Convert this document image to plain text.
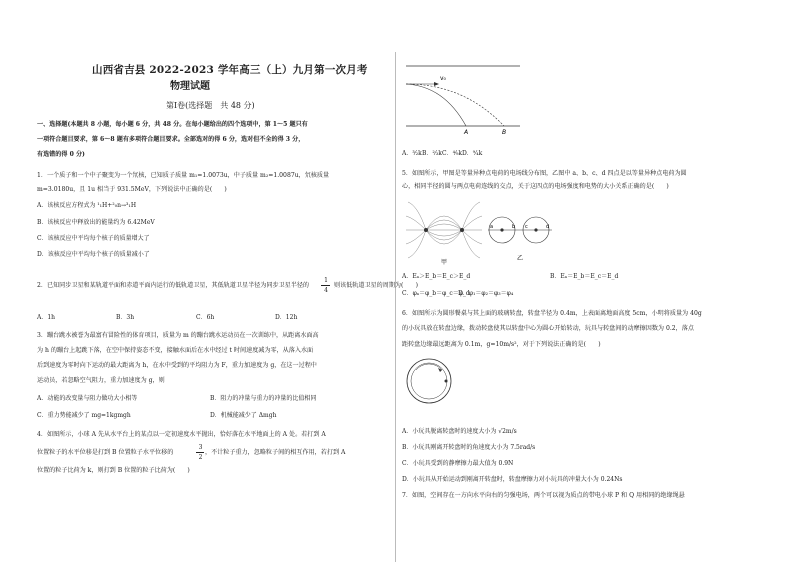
山西省吉县 2022-2023 学年高三（上）九月第一次月考
物理试题
第Ⅰ卷(选择题　共 48 分)
一、选择题(本题共 8 小题，每小题 6 分，共 48 分。在每小题给出的四个选项中，第 1～5 题只有
一项符合题目要求，第 6～8 题有多项符合题目要求。全部选对的得 6 分，选对但不全的得 3 分，
有选错的得 0 分)
1．一个质子和一个中子聚变为一个氘核，已知质子质量 m₁=1.0073u，中子质量 m₂=1.0087u，氘核质量
m=3.0180u，且 1u 相当于 931.5MeV，下列说法中正确的是(　　)
A．该核反应方程式为 ¹₁H+²₀n→³₁H
B．该核反应中释放出的能量约为 6.42MeV
C．该核反应中平均每个核子的质量增大了
D．该核反应中平均每个核子的质量减小了
2．已知同步卫星和某轨道平面和赤道平面内运行的低轨道卫星，其低轨道卫星半径为同步卫星半径的
1
4
则该低轨道卫星的周期为(　　)
A．1h	B．3h	C．6h	D．12h
3．蹦台跳水被誉为最富有冒险性的体育项目，质量为 m 的蹦台跳水运动员在一次训练中，从距离水面高
为 h 的蹦台上起跳下落，在空中保持姿态不变，接触水面后在水中经过 t 时间速度减为零，从落入水面
后到速度为零时向下运动的最大距离为 h，在水中受到的平均阻力为 F，重力加速度为 g，在这一过程中
运动员，若忽略空气阻力，重力加速度为 g，则
A．动能的改变量与阻力做功大小相等	B．阻力的冲量与重力的冲量的比值相同
C．重力势能减少了 mg=1kgmgh	D．机械能减少了 Δmgh
4．如图所示，小球 A 先从水平台上的某点以一定初速度水平抛出，恰好落在水平地面上的 A 处。若打到 A
位置粒子的水平位移是打到 B 位置粒子水平位移的
3
2
，不计粒子重力，忽略粒子间的相互作用，若打到 A
位置的粒子比荷为 k，则打到 B 位置的粒子比荷为(　　)
v₀
A	B
A．³⁄₂k B．²⁄₃k C．⁴⁄₉k D．⁹⁄₄k
5．如图所示，甲图是等量异种点电荷的电场线分布图，乙图中 a、b、c、d 四点是以等量异种点电荷为圆
心，相同半径的圆与两点电荷连线的交点，关于这四点的电场强度和电势的大小关系正确的是(　　)
甲
a	b c	d
乙
A．Eₐ＞E_b＝E_c＞E_d	B．Eₐ＝E_b＝E_c＝E_d
C．φₐ＝φ_b＝φ_c＝φ_d
D．φ₁＝φ₂＝φ₃＝φ₄
6．如图所示为圆形餐桌与其上面的玻璃转盘，转盘半径为 0.4m，上表面离地面高度 5cm，小明将质量为 40g
的小玩具放在转盘边缘，拨动转盘使其以转盘中心为圆心开始转动，玩具与转盘间的动摩擦因数为 0.2，落点
距转盘边缘最远距离为 0.1m，g=10m/s²，对于下列说法正确的是(　　)
A．小玩具脱离转盘时的速度大小为 √2m/s
B．小玩具刚离开转盘时的角速度大小为 7.5rad/s
C．小玩具受到的静摩擦力最大值为 0.9N
D．小玩具从开始运动到刚离开转盘时，转盘摩擦力对小玩具的冲量大小为 0.24Ns
7．如图，空间存在一方向水平向右的匀强电场，两个可以视为质点的带电小球 P 和 Q 用相同的绝缘绳悬
